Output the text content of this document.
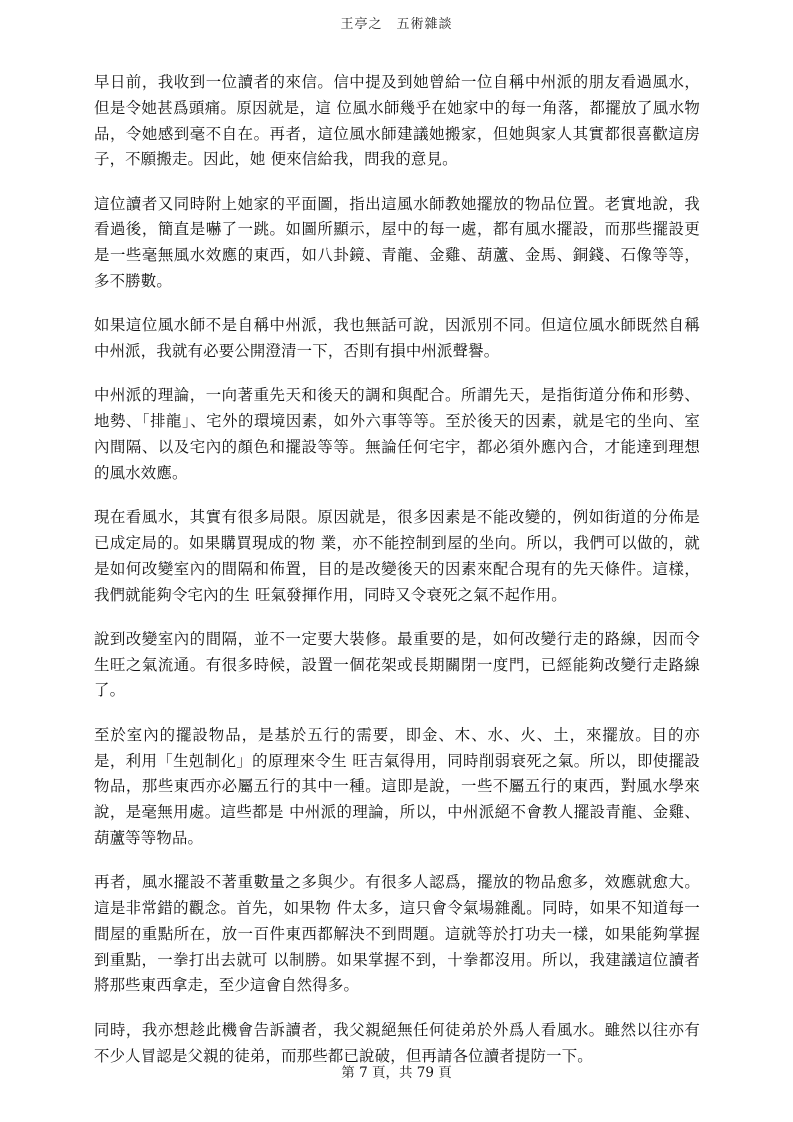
王亭之　五術雜談

早日前，我收到一位讀者的來信。信中提及到她曾給一位自稱中州派的朋友看過風水，但是令她甚爲頭痛。原因就是，這 位風水師幾乎在她家中的每一角落，都擺放了風水物品，令她感到毫不自在。再者，這位風水師建議她搬家，但她與家人其實都很喜歡這房子，不願搬走。因此，她 便來信給我，問我的意見。

這位讀者又同時附上她家的平面圖，指出這風水師教她擺放的物品位置。老實地說，我看過後，簡直是嚇了一跳。如圖所顯示，屋中的每一處，都有風水擺設，而那些擺設更是一些毫無風水效應的東西，如八卦鏡、青龍、金雞、葫蘆、金馬、銅錢、石像等等，多不勝數。

如果這位風水師不是自稱中州派，我也無話可說，因派別不同。但這位風水師既然自稱中州派，我就有必要公開澄清一下，否則有損中州派聲譽。

中州派的理論，一向著重先天和後天的調和與配合。所謂先天，是指街道分佈和形勢、地勢、「排龍」、宅外的環境因素，如外六事等等。至於後天的因素，就是宅的坐向、室內間隔、以及宅內的顏色和擺設等等。無論任何宅宇，都必須外應內合，才能達到理想的風水效應。

現在看風水，其實有很多局限。原因就是，很多因素是不能改變的，例如街道的分佈是已成定局的。如果購買現成的物 業，亦不能控制到屋的坐向。所以，我們可以做的，就是如何改變室內的間隔和佈置，目的是改變後天的因素來配合現有的先天條件。這樣，我們就能夠令宅內的生 旺氣發揮作用，同時又令衰死之氣不起作用。

說到改變室內的間隔，並不一定要大裝修。最重要的是，如何改變行走的路線，因而令生旺之氣流通。有很多時候，設置一個花架或長期關閉一度門，已經能夠改變行走路線了。

至於室內的擺設物品，是基於五行的需要，即金、木、水、火、土，來擺放。目的亦是，利用「生剋制化」的原理來令生 旺吉氣得用，同時削弱衰死之氣。所以，即使擺設物品，那些東西亦必屬五行的其中一種。這即是說，一些不屬五行的東西，對風水學來說，是毫無用處。這些都是 中州派的理論，所以，中州派絕不會教人擺設青龍、金雞、葫蘆等等物品。

再者，風水擺設不著重數量之多與少。有很多人認爲，擺放的物品愈多，效應就愈大。這是非常錯的觀念。首先，如果物 件太多，這只會令氣場雜亂。同時，如果不知道每一間屋的重點所在，放一百件東西都解決不到問題。這就等於打功夫一樣，如果能夠掌握到重點，一拳打出去就可 以制勝。如果掌握不到，十拳都沒用。所以，我建議這位讀者將那些東西拿走，至少這會自然得多。

同時，我亦想趁此機會告訴讀者，我父親絕無任何徒弟於外爲人看風水。雖然以往亦有不少人冒認是父親的徒弟，而那些都已說破，但再請各位讀者提防一下。

第 7 頁，共 79 頁
